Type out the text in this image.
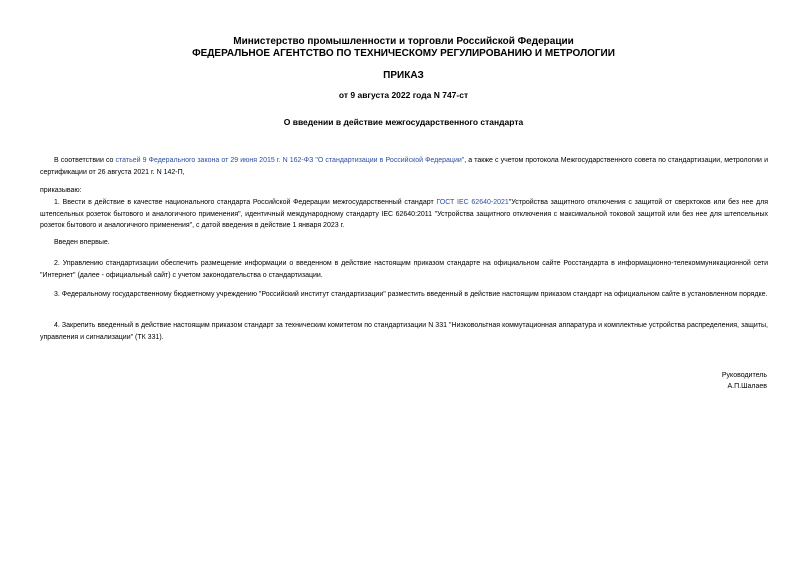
Министерство промышленности и торговли Российской Федерации
ФЕДЕРАЛЬНОЕ АГЕНТСТВО ПО ТЕХНИЧЕСКОМУ РЕГУЛИРОВАНИЮ И МЕТРОЛОГИИ
ПРИКАЗ
от 9 августа 2022 года N 747-ст
О введении в действие межгосударственного стандарта

В соответствии со статьей 9 Федерального закона от 29 июня 2015 г. N 162-ФЗ "О стандартизации в Российской Федерации", а также с учетом протокола Межгосударственного совета по стандартизации, метрологии и сертификации от 26 августа 2021 г. N 142-П,

приказываю:

1. Ввести в действие в качестве национального стандарта Российской Федерации межгосударственный стандарт ГОСТ IEC 62640-2021"Устройства защитного отключения с защитой от сверхтоков или без нее для штепсельных розеток бытового и аналогичного применения", идентичный международному стандарту IEC 62640:2011 "Устройства защитного отключения с максимальной токовой защитой или без нее для штепсельных розеток бытового и аналогичного применения", с датой введения в действие 1 января 2023 г.

Введен впервые.

2. Управлению стандартизации обеспечить размещение информации о введенном в действие настоящим приказом стандарте на официальном сайте Росстандарта в информационно-телекоммуникационной сети "Интернет" (далее - официальный сайт) с учетом законодательства о стандартизации.

3. Федеральному государственному бюджетному учреждению "Российский институт стандартизации" разместить введенный в действие настоящим приказом стандарт на официальном сайте в установленном порядке.

4. Закрепить введенный в действие настоящим приказом стандарт за техническим комитетом по стандартизации N 331 "Низковольтная коммутационная аппаратура и комплектные устройства распределения, защиты, управления и сигнализации" (ТК 331).

Руководитель
А.П.Шалаев
